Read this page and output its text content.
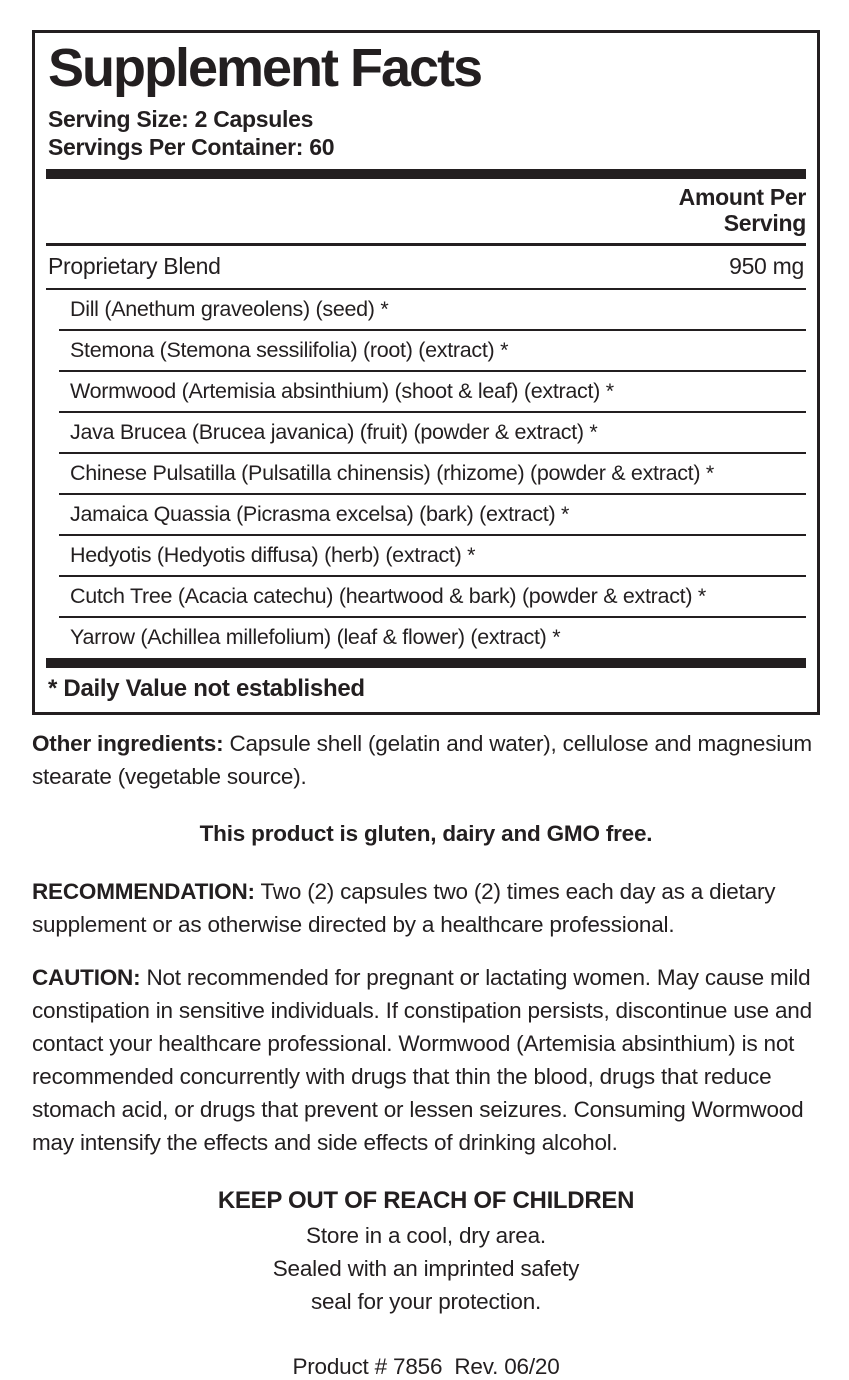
Supplement Facts
Serving Size: 2 Capsules
Servings Per Container: 60
Amount Per
Serving
Proprietary Blend	950 mg
Dill (Anethum graveolens) (seed) *
Stemona (Stemona sessilifolia) (root) (extract) *
Wormwood (Artemisia absinthium) (shoot & leaf) (extract) *
Java Brucea (Brucea javanica) (fruit) (powder & extract) *
Chinese Pulsatilla (Pulsatilla chinensis) (rhizome) (powder & extract) *
Jamaica Quassia (Picrasma excelsa) (bark) (extract) *
Hedyotis (Hedyotis diffusa) (herb) (extract) *
Cutch Tree (Acacia catechu) (heartwood & bark) (powder & extract) *
Yarrow (Achillea millefolium) (leaf & flower) (extract) *
* Daily Value not established

Other ingredients: Capsule shell (gelatin and water), cellulose and magnesium stearate (vegetable source).

This product is gluten, dairy and GMO free.

RECOMMENDATION: Two (2) capsules two (2) times each day as a dietary supplement or as otherwise directed by a healthcare professional.

CAUTION: Not recommended for pregnant or lactating women. May cause mild constipation in sensitive individuals. If constipation persists, discontinue use and contact your healthcare professional. Wormwood (Artemisia absinthium) is not recommended concurrently with drugs that thin the blood, drugs that reduce stomach acid, or drugs that prevent or lessen seizures. Consuming Wormwood may intensify the effects and side effects of drinking alcohol.

KEEP OUT OF REACH OF CHILDREN
Store in a cool, dry area.
Sealed with an imprinted safety
seal for your protection.
Product # 7856  Rev. 06/20
